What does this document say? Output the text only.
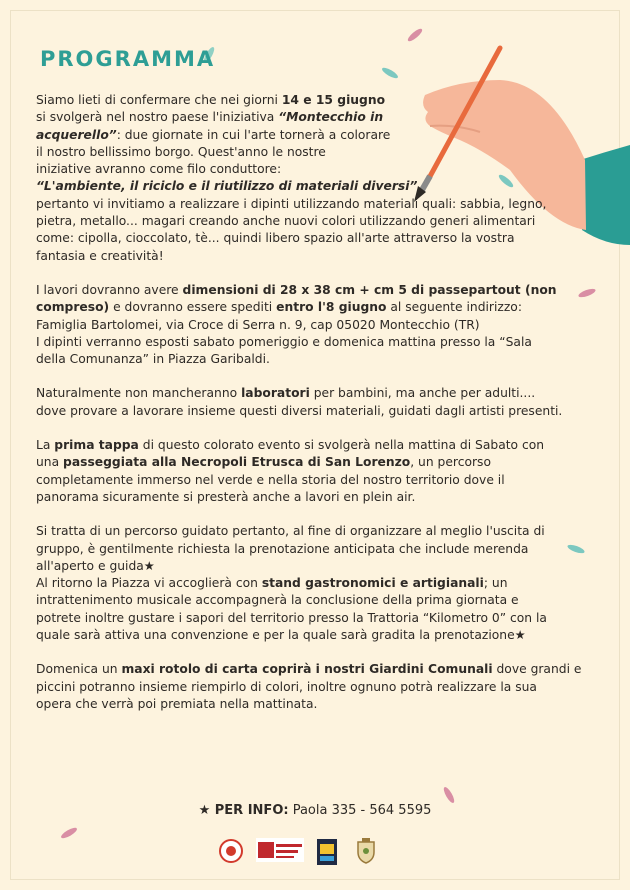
PROGRAMMA

Siamo lieti di confermare che nei giorni 14 e 15 giugno
si svolgerà nel nostro paese l'iniziativa “Montecchio in
acquerello”: due giornate in cui l'arte tornerà a colorare
il nostro bellissimo borgo. Quest'anno le nostre
iniziative avranno come filo conduttore:
“L'ambiente, il riciclo e il riutilizzo di materiali diversi”
pertanto vi invitiamo a realizzare i dipinti utilizzando materiali quali: sabbia, legno,
pietra, metallo... magari creando anche nuovi colori utilizzando generi alimentari
come: cipolla, cioccolato, tè... quindi libero spazio all'arte attraverso la vostra
fantasia e creatività!

I lavori dovranno avere dimensioni di 28 x 38 cm + cm 5 di passepartout (non
compreso) e dovranno essere spediti entro l'8 giugno al seguente indirizzo:
Famiglia Bartolomei, via Croce di Serra n. 9, cap 05020 Montecchio (TR)
I dipinti verranno esposti sabato pomeriggio e domenica mattina presso la “Sala
della Comunanza” in Piazza Garibaldi.

Naturalmente non mancheranno laboratori per bambini, ma anche per adulti....
dove provare a lavorare insieme questi diversi materiali, guidati dagli artisti presenti.

La prima tappa di questo colorato evento si svolgerà nella mattina di Sabato con
una passeggiata alla Necropoli Etrusca di San Lorenzo, un percorso
completamente immerso nel verde e nella storia del nostro territorio dove il
panorama sicuramente si presterà anche a lavori en plein air.

Si tratta di un percorso guidato pertanto, al fine di organizzare al meglio l'uscita di
gruppo, è gentilmente richiesta la prenotazione anticipata che include merenda
all'aperto e guida★
Al ritorno la Piazza vi accoglierà con stand gastronomici e artigianali; un
intrattenimento musicale accompagnerà la conclusione della prima giornata e
potrete inoltre gustare i sapori del territorio presso la Trattoria “Kilometro 0” con la
quale sarà attiva una convenzione e per la quale sarà gradita la prenotazione★

Domenica un maxi rotolo di carta coprirà i nostri Giardini Comunali dove grandi e
piccini potranno insieme riempirlo di colori, inoltre ognuno potrà realizzare la sua
opera che verrà poi premiata nella mattinata.

★ PER INFO: Paola 335 - 564 5595
